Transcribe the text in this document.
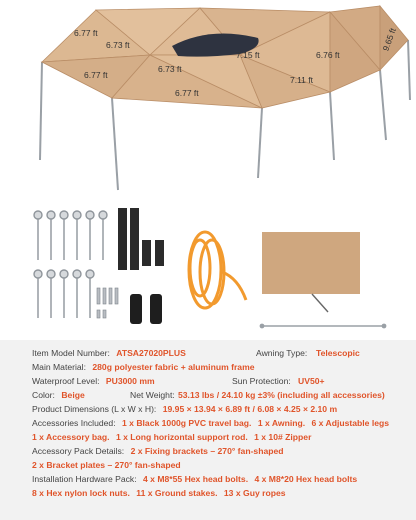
6.77 ft
6.73 ft
6.77 ft
6.73 ft
6.77 ft
7.15 ft
7.11 ft
6.76 ft
9.65 ft
Item Model Number: ATSA27020PLUS	Awning Type: Telescopic
Main Material: 280g polyester fabric + aluminum frame
Waterproof Level: PU3000 mm	Sun Protection: UV50+
Color: Beige	Net Weight: 53.13 lbs / 24.10 kg ±3% (including all accessories)
Product Dimensions (L x W x H): 19.95 × 13.94 × 6.89 ft / 6.08 × 4.25 × 2.10 m
Accessories Included: 1 x Black 1000g PVC travel bag. 1 x Awning. 6 x Adjustable legs
1 x Accessory bag. 1 x Long horizontal support rod. 1 x 10# Zipper
Accessory Pack Details: 2 x Fixing brackets – 270° fan-shaped
2 x Bracket plates – 270° fan-shaped
Installation Hardware Pack: 4 x M8*55 Hex head bolts. 4 x M8*20 Hex head bolts
8 x Hex nylon lock nuts. 11 x Ground stakes. 13 x Guy ropes
